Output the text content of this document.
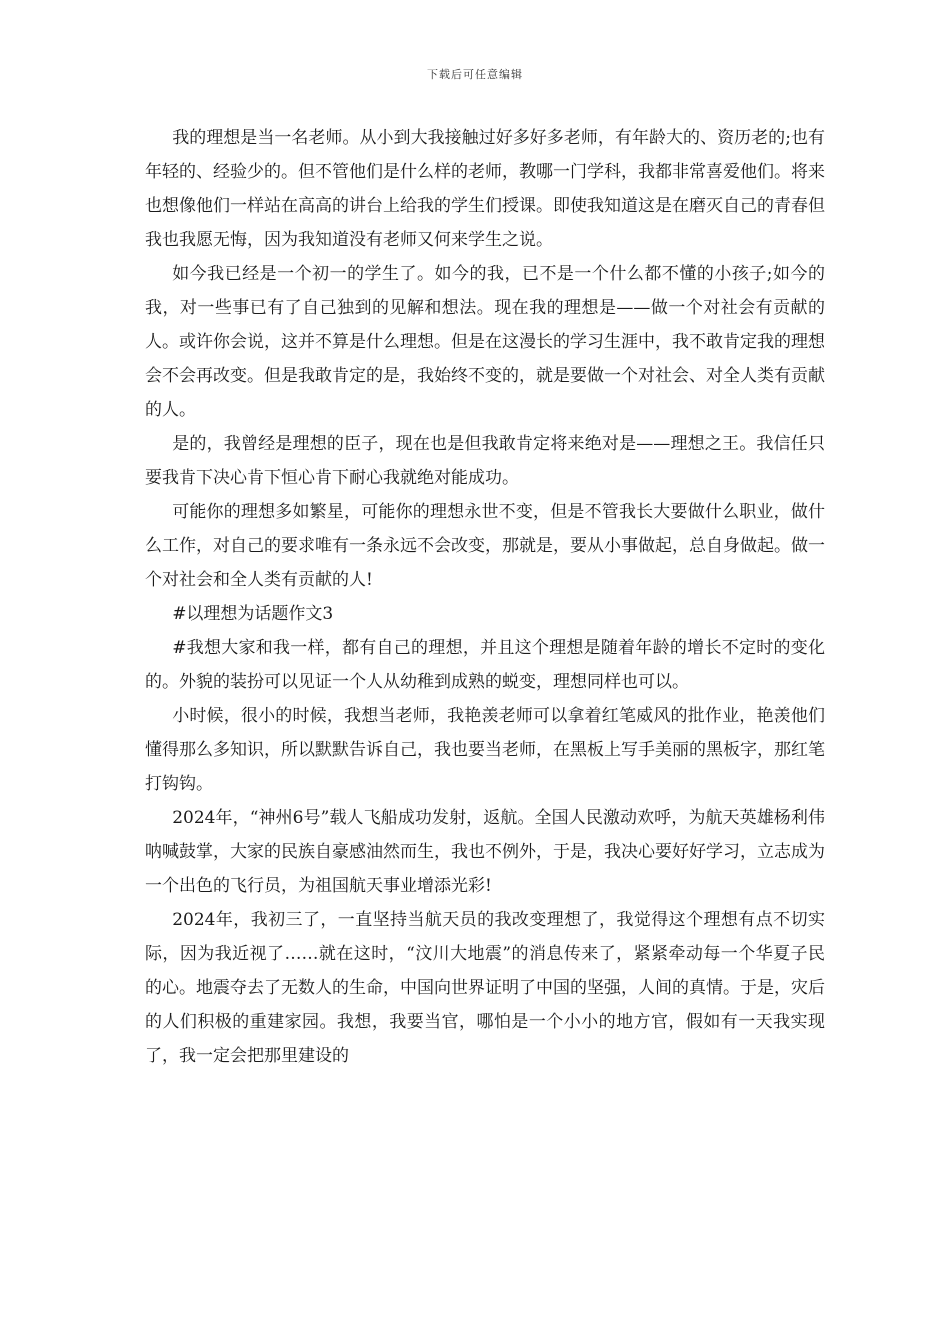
下载后可任意编辑

我的理想是当一名老师。从小到大我接触过好多好多老师，有年龄大的、资历老的;也有年轻的、经验少的。但不管他们是什么样的老师，教哪一门学科，我都非常喜爱他们。将来也想像他们一样站在高高的讲台上给我的学生们授课。即使我知道这是在磨灭自己的青春但我也我愿无悔，因为我知道没有老师又何来学生之说。

如今我已经是一个初一的学生了。如今的我，已不是一个什么都不懂的小孩子;如今的我，对一些事已有了自己独到的见解和想法。现在我的理想是——做一个对社会有贡献的人。或许你会说，这并不算是什么理想。但是在这漫长的学习生涯中，我不敢肯定我的理想会不会再改变。但是我敢肯定的是，我始终不变的，就是要做一个对社会、对全人类有贡献的人。

是的，我曾经是理想的臣子，现在也是但我敢肯定将来绝对是——理想之王。我信任只要我肯下决心肯下恒心肯下耐心我就绝对能成功。

可能你的理想多如繁星，可能你的理想永世不变，但是不管我长大要做什么职业，做什么工作，对自己的要求唯有一条永远不会改变，那就是，要从小事做起，总自身做起。做一个对社会和全人类有贡献的人!

#以理想为话题作文3

#我想大家和我一样，都有自己的理想，并且这个理想是随着年龄的增长不定时的变化的。外貌的装扮可以见证一个人从幼稚到成熟的蜕变，理想同样也可以。

小时候，很小的时候，我想当老师，我艳羡老师可以拿着红笔威风的批作业，艳羡他们懂得那么多知识，所以默默告诉自己，我也要当老师，在黑板上写手美丽的黑板字，那红笔打钩钩。

2024年，“神州6号”载人飞船成功发射，返航。全国人民激动欢呼，为航天英雄杨利伟呐喊鼓掌，大家的民族自豪感油然而生，我也不例外，于是，我决心要好好学习，立志成为一个出色的飞行员，为祖国航天事业增添光彩!

2024年，我初三了，一直坚持当航天员的我改变理想了，我觉得这个理想有点不切实际，因为我近视了……就在这时，“汶川大地震”的消息传来了，紧紧牵动每一个华夏子民的心。地震夺去了无数人的生命，中国向世界证明了中国的坚强，人间的真情。于是，灾后的人们积极的重建家园。我想，我要当官，哪怕是一个小小的地方官，假如有一天我实现了，我一定会把那里建设的
